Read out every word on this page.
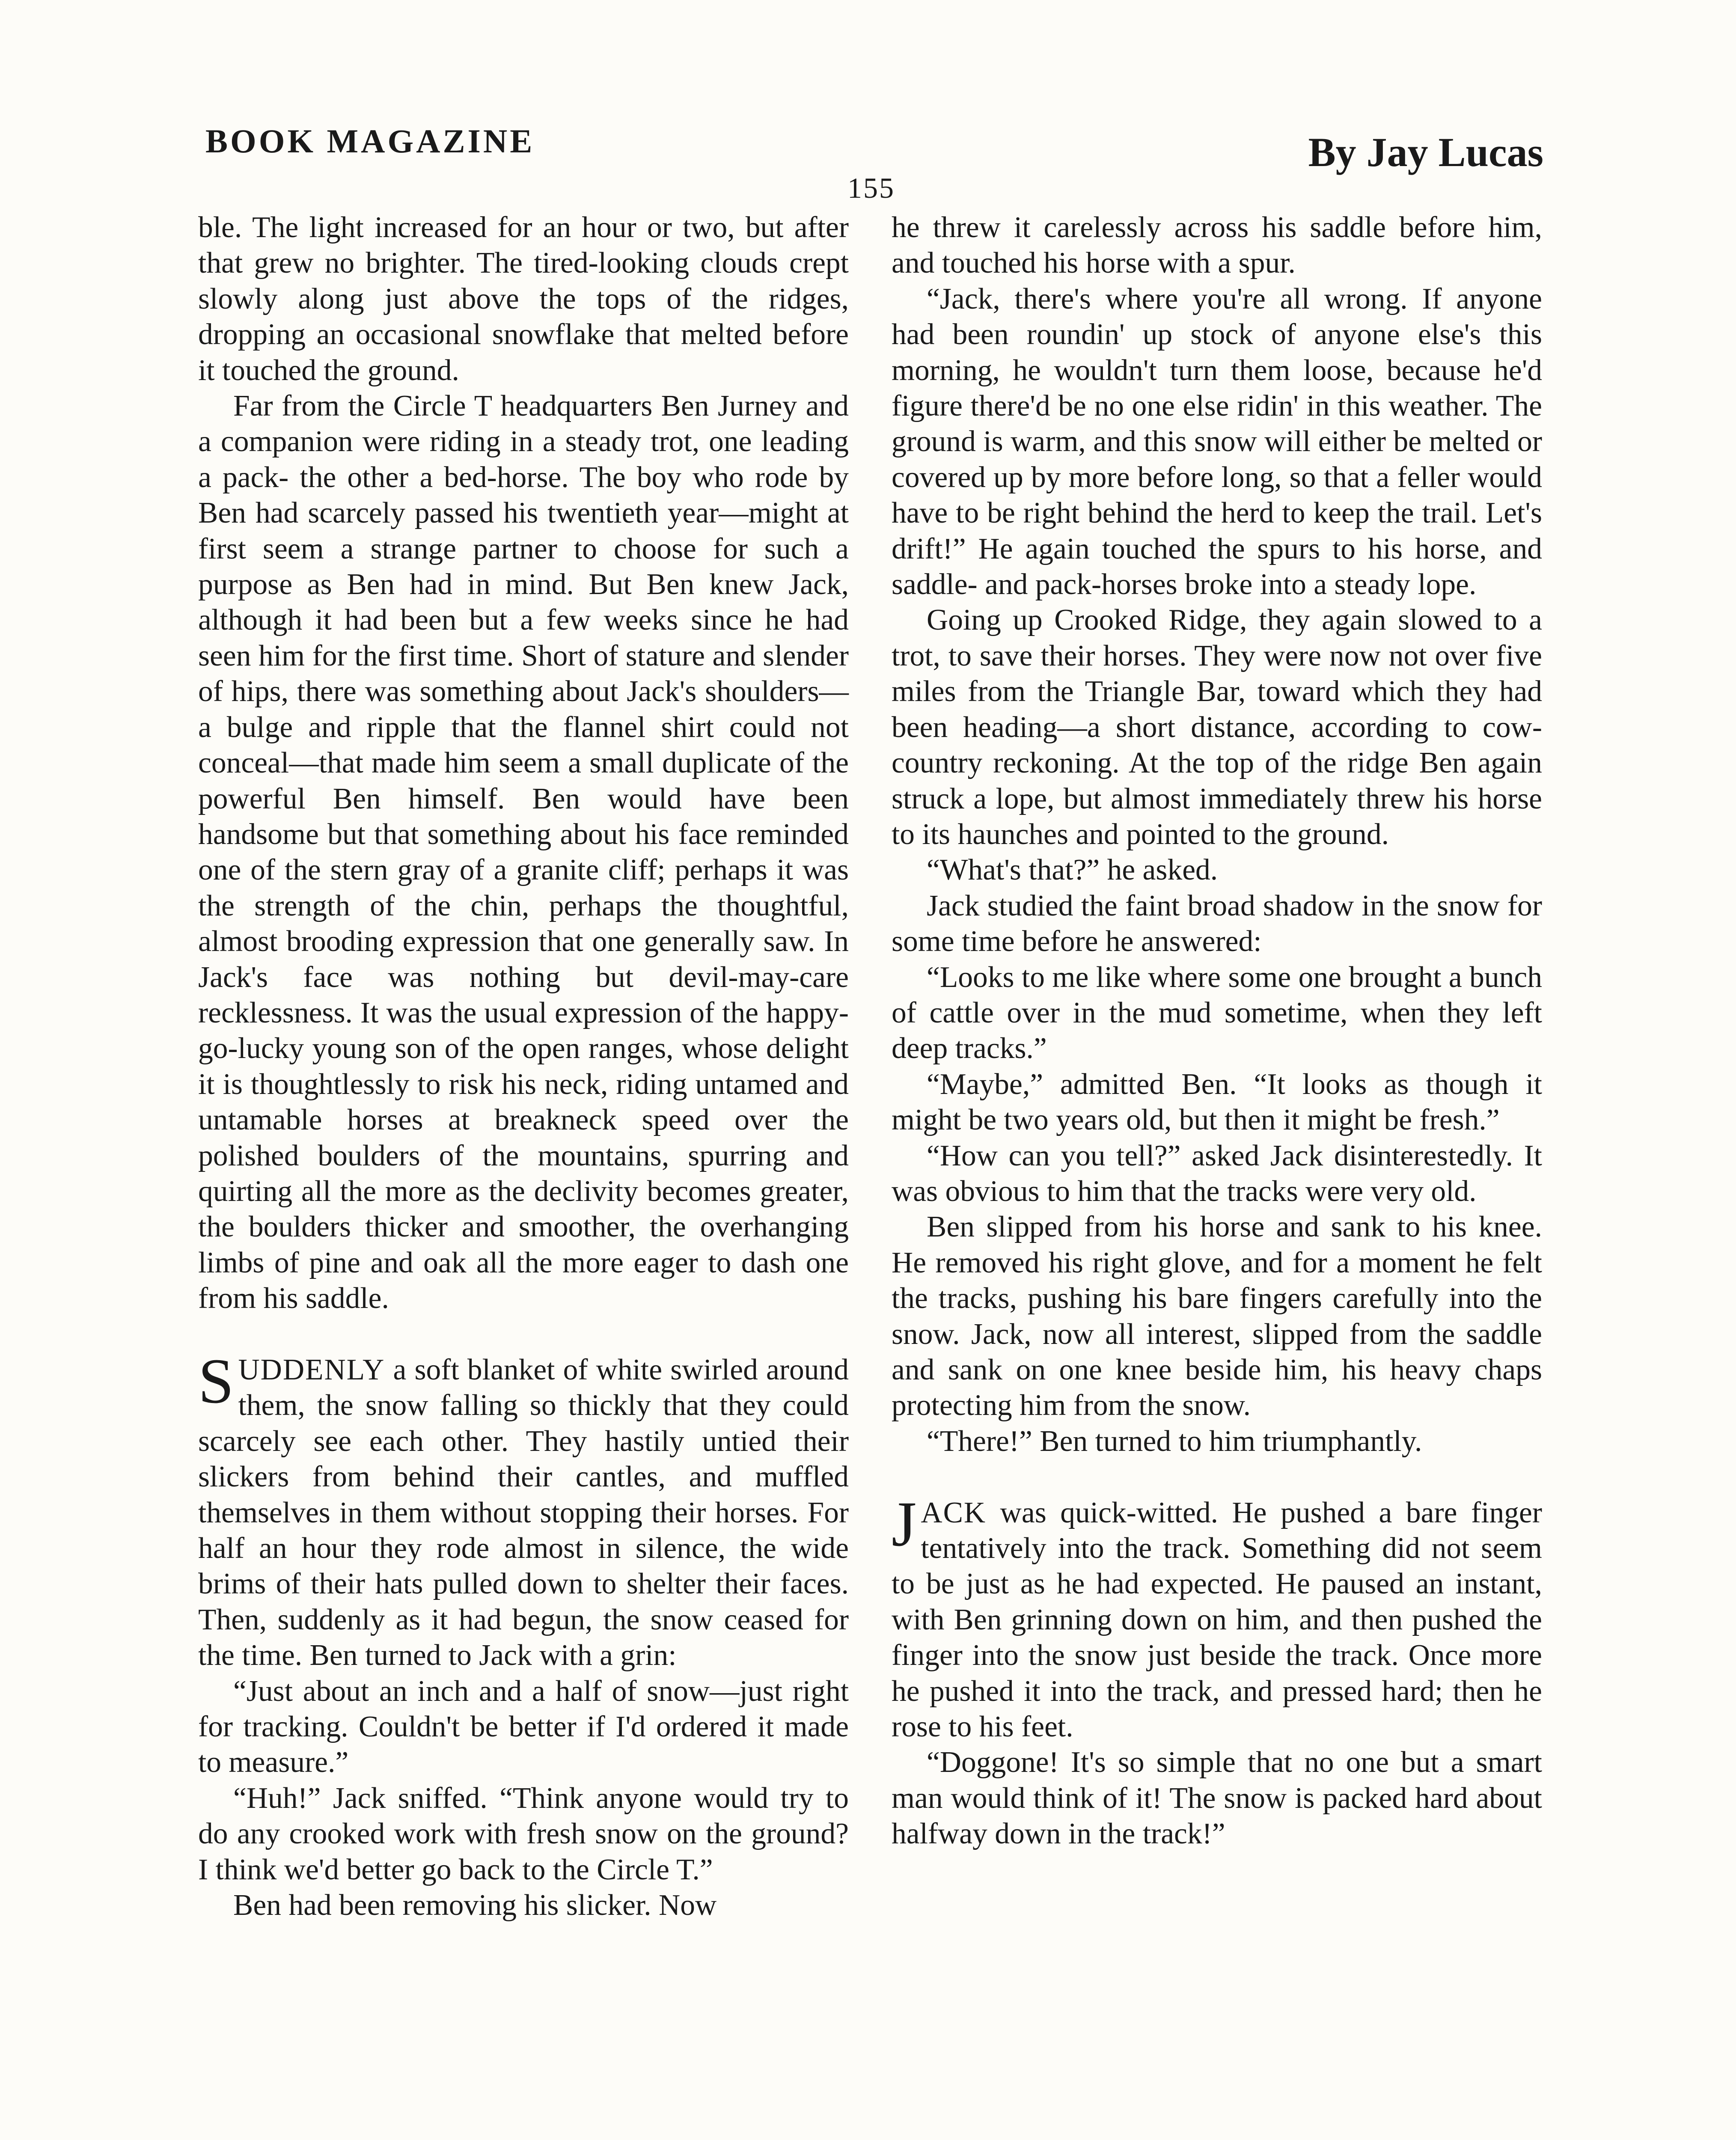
BOOK MAGAZINE	By Jay Lucas
155

ble. The light increased for an hour or two, but after that grew no brighter. The tired-looking clouds crept slowly along just above the tops of the ridges, dropping an occasional snowflake that melted before it touched the ground.

Far from the Circle T headquarters Ben Jurney and a companion were riding in a steady trot, one leading a pack- the other a bed-horse. The boy who rode by Ben had scarcely passed his twentieth year—might at first seem a strange partner to choose for such a purpose as Ben had in mind. But Ben knew Jack, although it had been but a few weeks since he had seen him for the first time. Short of stature and slender of hips, there was something about Jack's shoulders—a bulge and ripple that the flannel shirt could not conceal—that made him seem a small duplicate of the powerful Ben himself. Ben would have been handsome but that something about his face reminded one of the stern gray of a granite cliff; perhaps it was the strength of the chin, perhaps the thoughtful, almost brooding expression that one generally saw. In Jack's face was nothing but devil-may-care recklessness. It was the usual expression of the happy-go-lucky young son of the open ranges, whose delight it is thoughtlessly to risk his neck, riding untamed and untamable horses at breakneck speed over the polished boulders of the mountains, spurring and quirting all the more as the declivity becomes greater, the boulders thicker and smoother, the overhanging limbs of pine and oak all the more eager to dash one from his saddle.

SUDDENLY a soft blanket of white swirled around them, the snow falling so thickly that they could scarcely see each other. They hastily untied their slickers from behind their cantles, and muffled themselves in them without stopping their horses. For half an hour they rode almost in silence, the wide brims of their hats pulled down to shelter their faces. Then, suddenly as it had begun, the snow ceased for the time. Ben turned to Jack with a grin:

“Just about an inch and a half of snow—just right for tracking. Couldn't be better if I'd ordered it made to measure.”

“Huh!” Jack sniffed. “Think anyone would try to do any crooked work with fresh snow on the ground? I think we'd better go back to the Circle T.”

Ben had been removing his slicker. Now

he threw it carelessly across his saddle before him, and touched his horse with a spur.

“Jack, there's where you're all wrong. If anyone had been roundin' up stock of anyone else's this morning, he wouldn't turn them loose, because he'd figure there'd be no one else ridin' in this weather. The ground is warm, and this snow will either be melted or covered up by more before long, so that a feller would have to be right behind the herd to keep the trail. Let's drift!” He again touched the spurs to his horse, and saddle- and pack-horses broke into a steady lope.

Going up Crooked Ridge, they again slowed to a trot, to save their horses. They were now not over five miles from the Triangle Bar, toward which they had been heading—a short distance, according to cow-country reckoning. At the top of the ridge Ben again struck a lope, but almost immediately threw his horse to its haunches and pointed to the ground.

“What's that?” he asked.

Jack studied the faint broad shadow in the snow for some time before he answered:

“Looks to me like where some one brought a bunch of cattle over in the mud sometime, when they left deep tracks.”

“Maybe,” admitted Ben. “It looks as though it might be two years old, but then it might be fresh.”

“How can you tell?” asked Jack disinterestedly. It was obvious to him that the tracks were very old.

Ben slipped from his horse and sank to his knee. He removed his right glove, and for a moment he felt the tracks, pushing his bare fingers carefully into the snow. Jack, now all interest, slipped from the saddle and sank on one knee beside him, his heavy chaps protecting him from the snow.

“There!” Ben turned to him triumphantly.

JACK was quick-witted. He pushed a bare finger tentatively into the track. Something did not seem to be just as he had expected. He paused an instant, with Ben grinning down on him, and then pushed the finger into the snow just beside the track. Once more he pushed it into the track, and pressed hard; then he rose to his feet.

“Doggone! It's so simple that no one but a smart man would think of it! The snow is packed hard about halfway down in the track!”
